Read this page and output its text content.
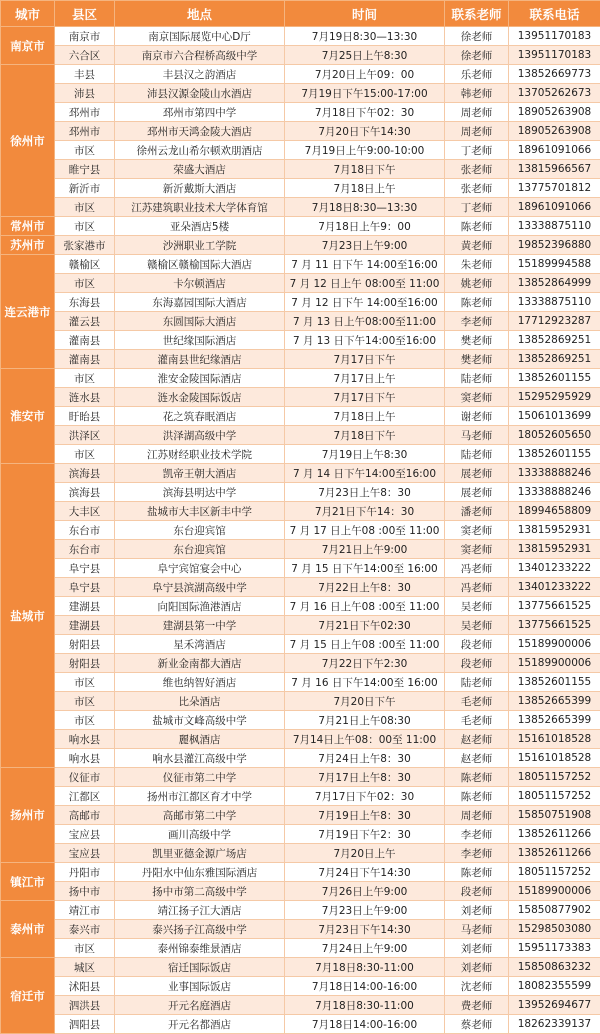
城市	县区	地点	时间	联系老师	联系电话
南京市	南京市	南京国际展览中心D厅	7月19日8:30—13:30	徐老师	13951170183
	六合区	南京市六合程桥高级中学	7月25日上午8:30	徐老师	13951170183
徐州市	丰县	丰县汉之韵酒店	7月20日上午09：00	乐老师	13852669773
	沛县	沛县汉源金陵山水酒店	7月19日下午15:00-17:00	韩老师	13705262673
	邳州市	邳州市第四中学	7月18日下午02：30	周老师	18905263908
	邳州市	邳州市天鸿金陵大酒店	7月20日下午14:30	周老师	18905263908
	市区	徐州云龙山希尔顿欢朋酒店	7月19日上午9:00-10:00	丁老师	18961091066
	睢宁县	荣盛大酒店	7月18日下午	张老师	13815966567
	新沂市	新沂戴斯大酒店	7月18日上午	张老师	13775701812
	市区	江苏建筑职业技术大学体育馆	7月18日8:30—13:30	丁老师	18961091066
常州市	市区	亚朵酒店5楼	7月18日上午9：00	陈老师	13338875110
苏州市	张家港市	沙洲职业工学院	7月23日上午9:00	黄老师	19852396880
连云港市	赣榆区	赣榆区赣榆国际大酒店	7 月 11 日下午 14:00至16:00	朱老师	15189994588
	市区	卡尔顿酒店	7 月 12 日上午 08:00至 11:00	姚老师	13852864999
	东海县	东海嘉园国际大酒店	7 月 12 日下午 14:00至16:00	陈老师	13338875110
	灌云县	东圆国际大酒店	7 月 13 日上午08:00至11:00	李老师	17712923287
	灌南县	世纪缘国际酒店	7 月 13 日下午14:00至16:00	樊老师	13852869251
	灌南县	灌南县世纪缘酒店	7月17日下午	樊老师	13852869251
淮安市	市区	淮安金陵国际酒店	7月17日上午	陆老师	13852601155
	涟水县	涟水金陵国际饭店	7月17日下午	窦老师	15295295929
	盱眙县	花之筑春眠酒店	7月18日上午	谢老师	15061013699
	洪泽区	洪泽湖高级中学	7月18日下午	马老师	18052605650
	市区	江苏财经职业技术学院	7月19日上午8:30	陆老师	13852601155
盐城市	滨海县	凯帝王朝大酒店	7 月 14 日下午14:00至16:00	展老师	13338888246
	滨海县	滨海县明达中学	7月23日上午8：30	展老师	13338888246
	大丰区	盐城市大丰区新丰中学	7月21日下午14：30	潘老师	18994658809
	东台市	东台迎宾馆	7 月 17 日上午08 :00至 11:00	窦老师	13815952931
	东台市	东台迎宾馆	7月21日上午9:00	窦老师	13815952931
	阜宁县	阜宁宾馆宴会中心	7 月 15 日下午14:00至 16:00	冯老师	13401233222
	阜宁县	阜宁县滨湖高级中学	7月22日上午8：30	冯老师	13401233222
	建湖县	向阳国际渔港酒店	7 月 16 日上午08 :00至 11:00	吴老师	13775661525
	建湖县	建湖县第一中学	7月21日下午02:30	吴老师	13775661525
	射阳县	星禾湾酒店	7 月 15 日上午08 :00至 11:00	段老师	15189900006
	射阳县	新业金南都大酒店	7月22日下午2:30	段老师	15189900006
	市区	维也纳智好酒店	7 月 16 日下午14:00至 16:00	陆老师	13852601155
	市区	比朵酒店	7月20日下午	毛老师	13852665399
	市区	盐城市文峰高级中学	7月21日上午08:30	毛老师	13852665399
	响水县	麗枫酒店	7月14日上午08：00至 11:00	赵老师	15161018528
	响水县	响水县灌江高级中学	7月24日上午8：30	赵老师	15161018528
扬州市	仪征市	仪征市第二中学	7月17日上午8：30	陈老师	18051157252
	江都区	扬州市江都区育才中学	7月17日下午02：30	陈老师	18051157252
	高邮市	高邮市第二中学	7月19日上午8：30	周老师	15850751908
	宝应县	画川高级中学	7月19日下午2：30	李老师	13852611266
	宝应县	凯里亚德金源广场店	7月20日上午	李老师	13852611266
镇江市	丹阳市	丹阳水中仙东雅国际酒店	7月24日下午14:30	陈老师	18051157252
	扬中市	扬中市第二高级中学	7月26日上午9:00	段老师	15189900006
泰州市	靖江市	靖江扬子江大酒店	7月23日上午9:00	刘老师	15850877902
	泰兴市	泰兴扬子江高级中学	7月23日下午14:30	马老师	15298503080
	市区	泰州锦泰维景酒店	7月24日上午9:00	刘老师	15951173383
宿迁市	城区	宿迁国际饭店	7月18日8:30-11:00	刘老师	15850863232
	沭阳县	业事国际饭店	7月18日14:00-16:00	沈老师	18082355599
	泗洪县	开元名庭酒店	7月18日8:30-11:00	费老师	13952694677
	泗阳县	开元名都酒店	7月18日14:00-16:00	蔡老师	18262339137
